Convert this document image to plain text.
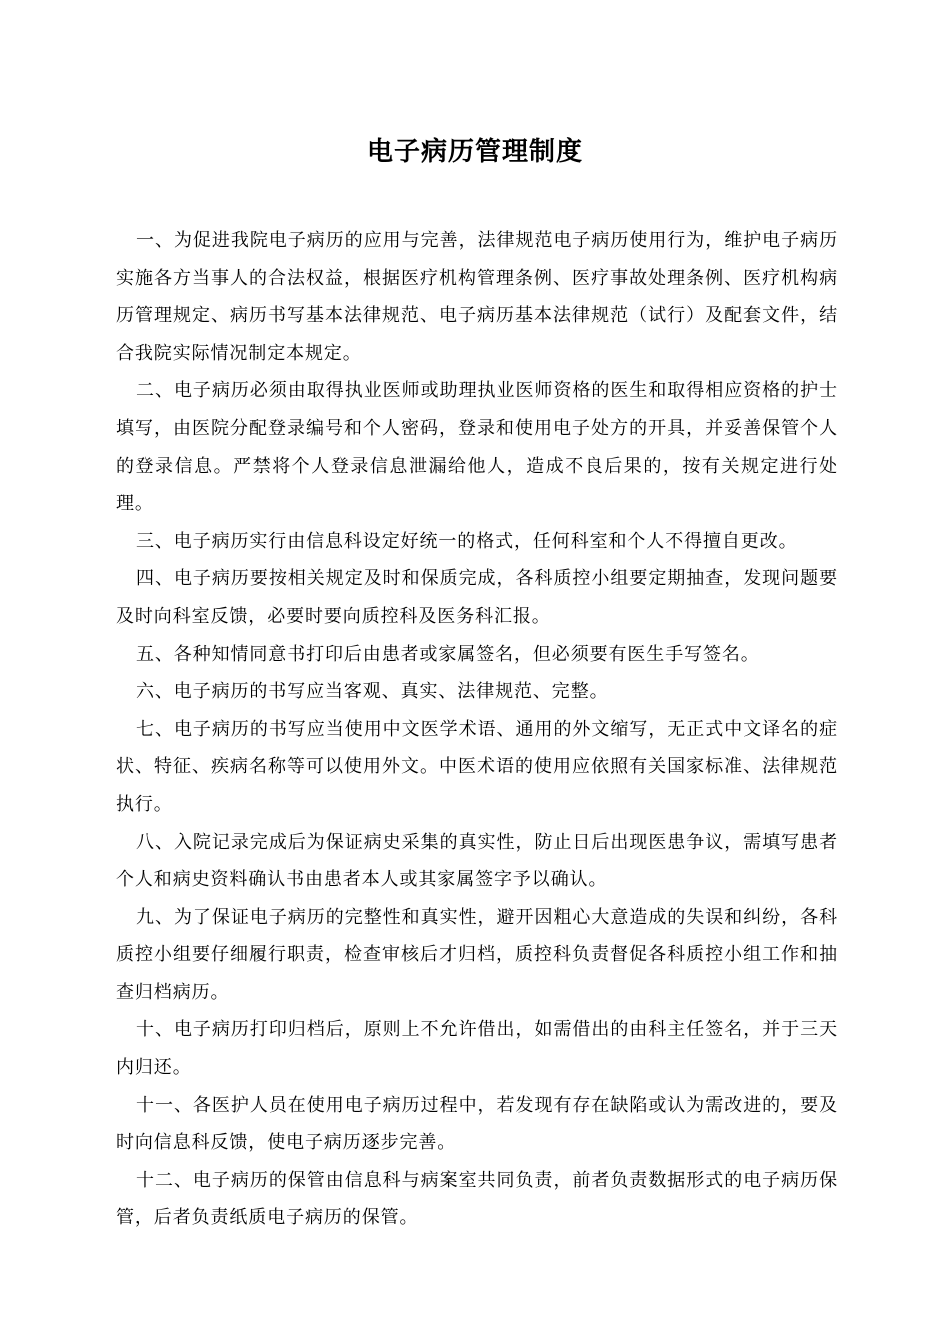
电子病历管理制度

一、为促进我院电子病历的应用与完善，法律规范电子病历使用行为，维护电子病历实施各方当事人的合法权益，根据医疗机构管理条例、医疗事故处理条例、医疗机构病历管理规定、病历书写基本法律规范、电子病历基本法律规范（试行）及配套文件，结合我院实际情况制定本规定。

二、电子病历必须由取得执业医师或助理执业医师资格的医生和取得相应资格的护士填写，由医院分配登录编号和个人密码，登录和使用电子处方的开具，并妥善保管个人的登录信息。严禁将个人登录信息泄漏给他人，造成不良后果的，按有关规定进行处理。

三、电子病历实行由信息科设定好统一的格式，任何科室和个人不得擅自更改。

四、电子病历要按相关规定及时和保质完成，各科质控小组要定期抽查，发现问题要及时向科室反馈，必要时要向质控科及医务科汇报。

五、各种知情同意书打印后由患者或家属签名，但必须要有医生手写签名。

六、电子病历的书写应当客观、真实、法律规范、完整。

七、电子病历的书写应当使用中文医学术语、通用的外文缩写，无正式中文译名的症状、特征、疾病名称等可以使用外文。中医术语的使用应依照有关国家标准、法律规范执行。

八、入院记录完成后为保证病史采集的真实性，防止日后出现医患争议，需填写患者个人和病史资料确认书由患者本人或其家属签字予以确认。

九、为了保证电子病历的完整性和真实性，避开因粗心大意造成的失误和纠纷，各科质控小组要仔细履行职责，检查审核后才归档，质控科负责督促各科质控小组工作和抽查归档病历。

十、电子病历打印归档后，原则上不允许借出，如需借出的由科主任签名，并于三天内归还。

十一、各医护人员在使用电子病历过程中，若发现有存在缺陷或认为需改进的，要及时向信息科反馈，使电子病历逐步完善。

十二、电子病历的保管由信息科与病案室共同负责，前者负责数据形式的电子病历保管，后者负责纸质电子病历的保管。
